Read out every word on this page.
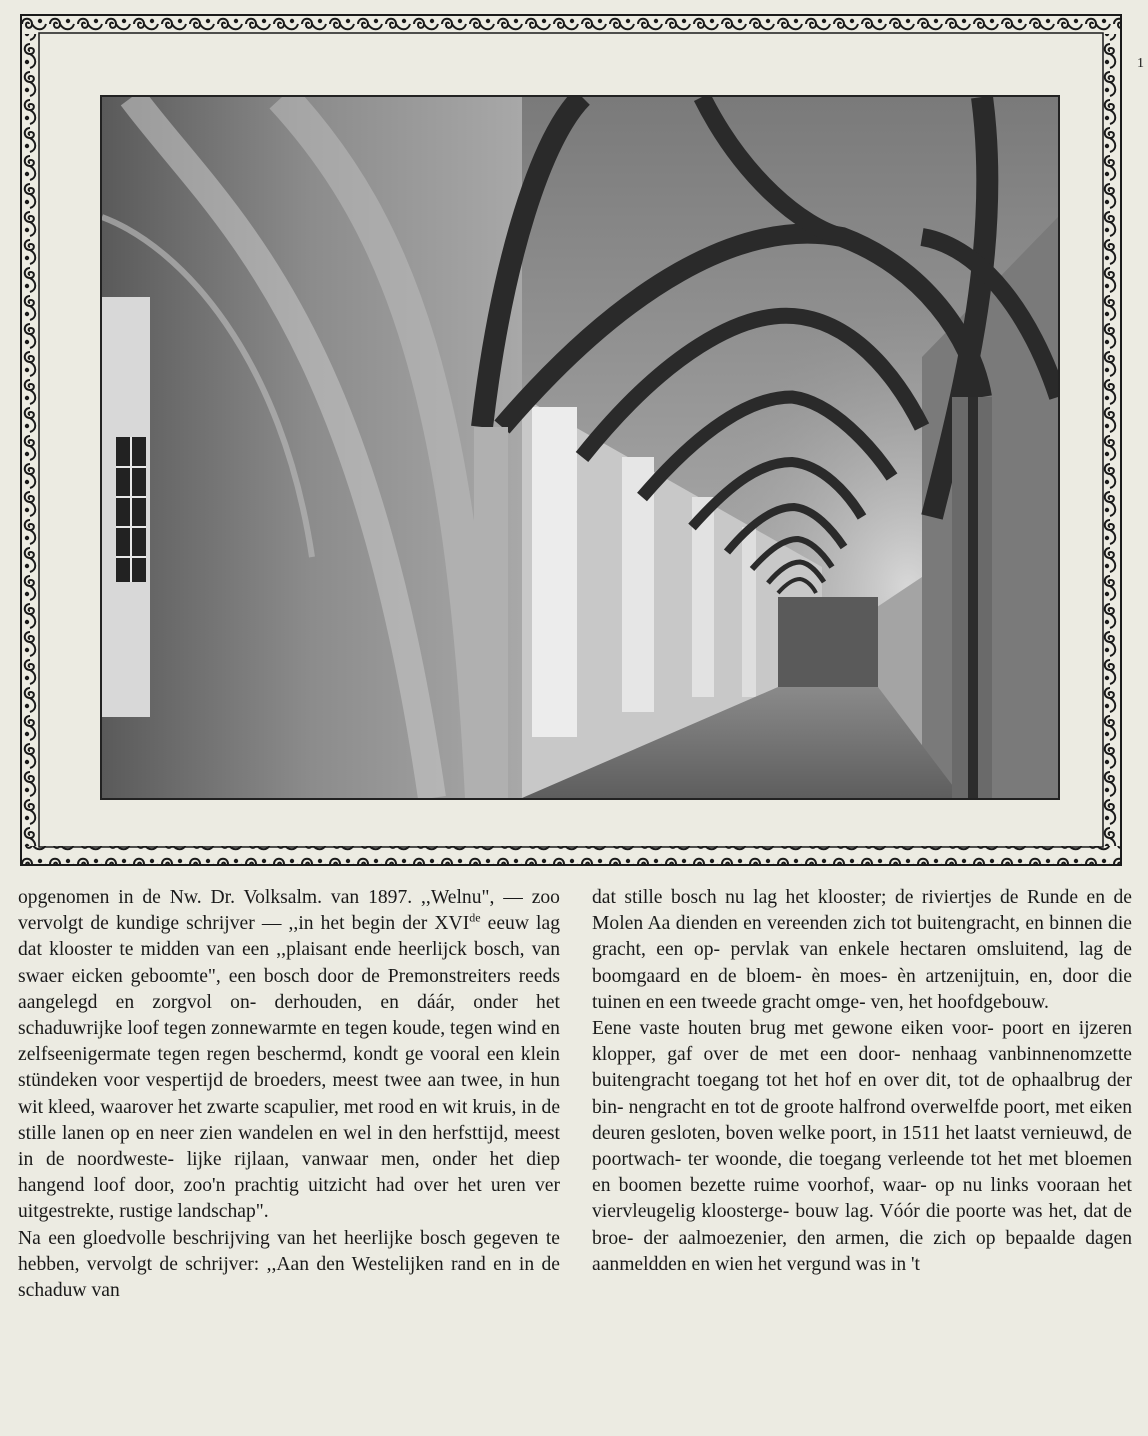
1

opgenomen in de Nw. Dr. Volksalm. van 1897. ,,Welnu", — zoo vervolgt de kundige schrijver — ,,in het begin der XVIde eeuw lag dat klooster te midden van een ,,plaisant ende heerlijck bosch, van swaer eicken geboomte", een bosch door de Premonstreiters reeds aangelegd en zorgvol on- derhouden, en dáár, onder het schaduwrijke loof tegen zonnewarmte en tegen koude, tegen wind en zelfseenigermate tegen regen beschermd, kondt ge vooral een klein stündeken voor vespertijd de broeders, meest twee aan twee, in hun wit kleed, waarover het zwarte scapulier, met rood en wit kruis, in de stille lanen op en neer zien wandelen en wel in den herfsttijd, meest in de noordweste- lijke rijlaan, vanwaar men, onder het diep hangend loof door, zoo'n prachtig uitzicht had over het uren ver uitgestrekte, rustige landschap".

Na een gloedvolle beschrijving van het heerlijke bosch gegeven te hebben, vervolgt de schrijver: ,,Aan den Westelijken rand en in de schaduw van

dat stille bosch nu lag het klooster; de riviertjes de Runde en de Molen Aa dienden en vereenden zich tot buitengracht, en binnen die gracht, een op- pervlak van enkele hectaren omsluitend, lag de boomgaard en de bloem- èn moes- èn artzenijtuin, en, door die tuinen en een tweede gracht omge- ven, het hoofdgebouw.

Eene vaste houten brug met gewone eiken voor- poort en ijzeren klopper, gaf over de met een door- nenhaag vanbinnenomzette buitengracht toegang tot het hof en over dit, tot de ophaalbrug der bin- nengracht en tot de groote halfrond overwelfde poort, met eiken deuren gesloten, boven welke poort, in 1511 het laatst vernieuwd, de poortwach- ter woonde, die toegang verleende tot het met bloemen en boomen bezette ruime voorhof, waar- op nu links vooraan het viervleugelig kloosterge- bouw lag. Vóór die poorte was het, dat de broe- der aalmoezenier, den armen, die zich op bepaalde dagen aanmeldden en wien het vergund was in 't
